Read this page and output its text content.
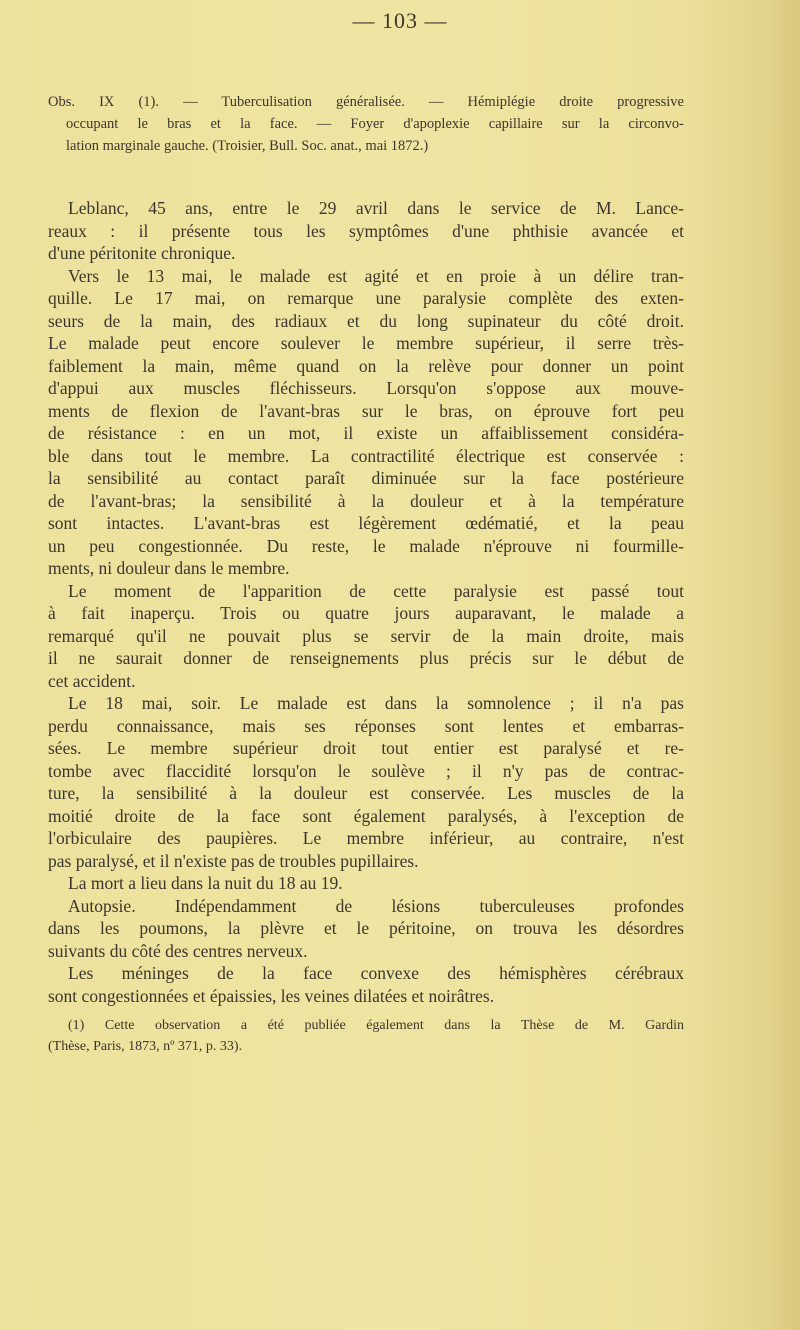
— 103 —
Obs. IX (1). — Tuberculisation généralisée. — Hémiplégie droite progressive
occupant le bras et la face. — Foyer d'apoplexie capillaire sur la circonvo-
lation marginale gauche. (Troisier, Bull. Soc. anat., mai 1872.)
Leblanc, 45 ans, entre le 29 avril dans le service de M. Lance-
reaux : il présente tous les symptômes d'une phthisie avancée et
d'une péritonite chronique.
Vers le 13 mai, le malade est agité et en proie à un délire tran-
quille. Le 17 mai, on remarque une paralysie complète des exten-
seurs de la main, des radiaux et du long supinateur du côté droit.
Le malade peut encore soulever le membre supérieur, il serre très-
faiblement la main, même quand on la relève pour donner un point
d'appui aux muscles fléchisseurs. Lorsqu'on s'oppose aux mouve-
ments de flexion de l'avant-bras sur le bras, on éprouve fort peu
de résistance : en un mot, il existe un affaiblissement considéra-
ble dans tout le membre. La contractilité électrique est conservée :
la sensibilité au contact paraît diminuée sur la face postérieure
de l'avant-bras; la sensibilité à la douleur et à la température
sont intactes. L'avant-bras est légèrement œdématié, et la peau
un peu congestionnée. Du reste, le malade n'éprouve ni fourmille-
ments, ni douleur dans le membre.
Le moment de l'apparition de cette paralysie est passé tout
à fait inaperçu. Trois ou quatre jours auparavant, le malade a
remarqué qu'il ne pouvait plus se servir de la main droite, mais
il ne saurait donner de renseignements plus précis sur le début de
cet accident.
Le 18 mai, soir. Le malade est dans la somnolence ; il n'a pas
perdu connaissance, mais ses réponses sont lentes et embarras-
sées. Le membre supérieur droit tout entier est paralysé et re-
tombe avec flaccidité lorsqu'on le soulève ; il n'y pas de contrac-
ture, la sensibilité à la douleur est conservée. Les muscles de la
moitié droite de la face sont également paralysés, à l'exception de
l'orbiculaire des paupières. Le membre inférieur, au contraire, n'est
pas paralysé, et il n'existe pas de troubles pupillaires.
La mort a lieu dans la nuit du 18 au 19.
Autopsie. Indépendamment de lésions tuberculeuses profondes
dans les poumons, la plèvre et le péritoine, on trouva les désordres
suivants du côté des centres nerveux.
Les méninges de la face convexe des hémisphères cérébraux
sont congestionnées et épaissies, les veines dilatées et noirâtres.
(1) Cette observation a été publiée également dans la Thèse de M. Gardin
(Thèse, Paris, 1873, nº 371, p. 33).
